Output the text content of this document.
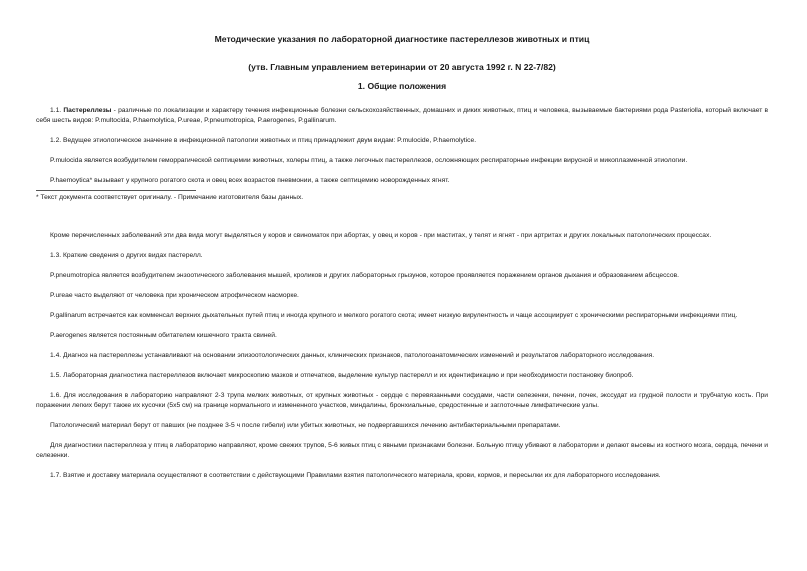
Методические указания по лабораторной диагностике пастереллезов животных и птиц
(утв. Главным управлением ветеринарии от 20 августа 1992 г. N 22-7/82)
1. Общие положения

1.1. Пастереллезы - различные по локализации и характеру течения инфекционные болезни сельскохозяйственных, домашних и диких животных, птиц и человека, вызываемые бактериями рода Pasteriolla, который включает в себя шесть видов: P.multocida, P.haemolytica, P.ureae, P.pneumotropica, P.aerogenes, P.gallinarum.

1.2. Ведущее этиологическое значение в инфекционной патологии животных и птиц принадлежит двум видам: P.mulocide, P.haemolytice.

P.mulocida является возбудителем геморрагической септицемии животных, холеры птиц, а также легочных пастереллезов, осложняющих респираторные инфекции вирусной и микоплазменной этиологии.

P.haemoytica* вызывает у крупного рогатого скота и овец всех возрастов пневмонии, а также септицемию новорожденных ягнят.

* Текст документа соответствует оригиналу. - Примечание изготовителя базы данных.

Кроме перечисленных заболеваний эти два вида могут выделяться у коров и свиноматок при абортах, у овец и коров - при маститах, у телят и ягнят - при артритах и других локальных патологических процессах.

1.3. Краткие сведения о других видах пастерелл.

P.pneumotropica является возбудителем энзоотического заболевания мышей, кроликов и других лабораторных грызунов, которое проявляется поражением органов дыхания и образованием абсцессов.

P.ureae часто выделяют от человека при хроническом атрофическом насморке.

P.gallinarum встречается как комменсал верхних дыхательных путей птиц и иногда крупного и мелкого рогатого скота; имеет низкую вирулентность и чаще ассоциирует с хроническими респираторными инфекциями птиц.

P.aerogenes является постоянным обитателем кишечного тракта свиней.

1.4. Диагноз на пастереллезы устанавливают на основании эпизоотологических данных, клинических признаков, патологоанатомических изменений и результатов лабораторного исследования.

1.5. Лабораторная диагностика пастереллезов включает микроскопию мазков и отпечатков, выделение культур пастерелл и их идентификацию и при необходимости постановку биопроб.

1.6. Для исследования в лабораторию направляют 2-3 трупа мелких животных, от крупных животных - сердце с перевязанными сосудами, части селезенки, печени, почек, экссудат из грудной полости и трубчатую кость. При поражении легких берут также их кусочки (5х5 см) на границе нормального и измененного участков, миндалины, бронхиальные, средостенные и заглоточные лимфатические узлы.

Патологический материал берут от павших (не позднее 3-5 ч после гибели) или убитых животных, не подвергавшихся лечению антибактериальными препаратами.

Для диагностики пастереллеза у птиц в лабораторию направляют, кроме свежих трупов, 5-6 живых птиц с явными признаками болезни. Больную птицу убивают в лаборатории и делают высевы из костного мозга, сердца, печени и селезенки.

1.7. Взятие и доставку материала осуществляют в соответствии с действующими Правилами взятия патологического материала, крови, кормов, и пересылки их для лабораторного исследования.
